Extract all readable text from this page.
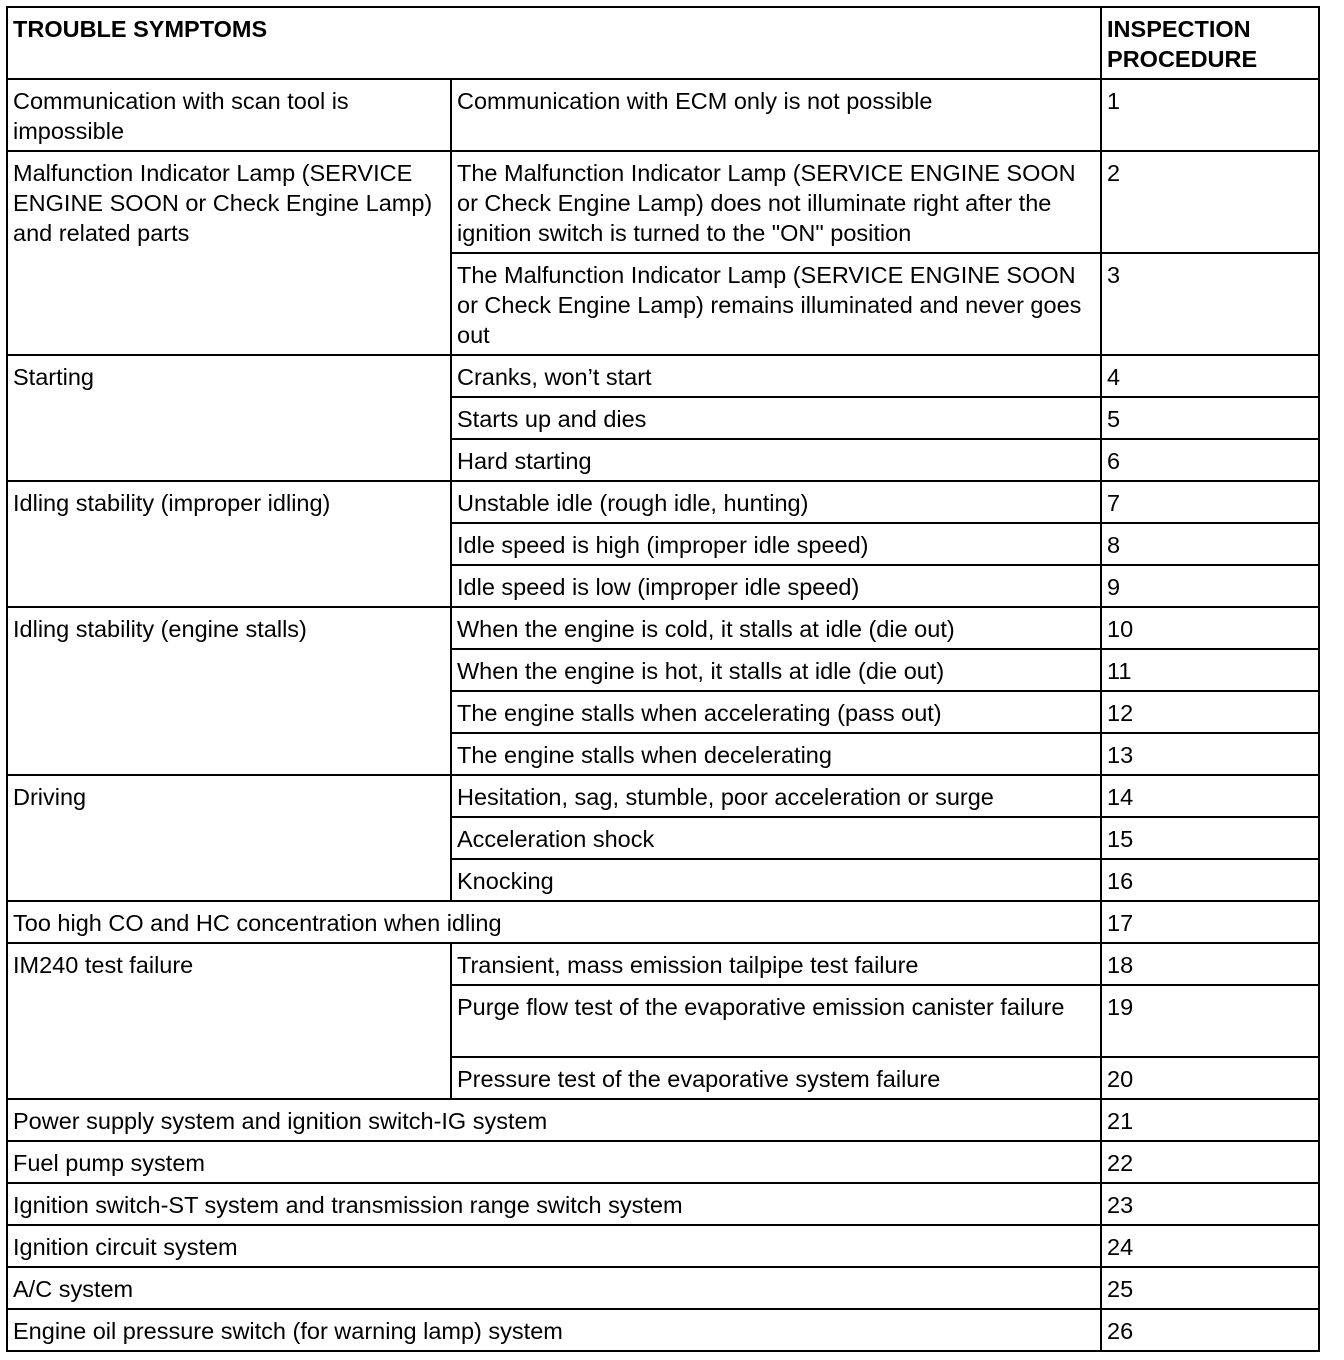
TROUBLE SYMPTOMS		INSPECTION PROCEDURE
Communication with scan tool is impossible	Communication with ECM only is not possible	1
Malfunction Indicator Lamp (SERVICE ENGINE SOON or Check Engine Lamp) and related parts	The Malfunction Indicator Lamp (SERVICE ENGINE SOON or Check Engine Lamp) does not illuminate right after the ignition switch is turned to the "ON" position	2
	The Malfunction Indicator Lamp (SERVICE ENGINE SOON or Check Engine Lamp) remains illuminated and never goes out	3
Starting	Cranks, won’t start	4
	Starts up and dies	5
	Hard starting	6
Idling stability (improper idling)	Unstable idle (rough idle, hunting)	7
	Idle speed is high (improper idle speed)	8
	Idle speed is low (improper idle speed)	9
Idling stability (engine stalls)	When the engine is cold, it stalls at idle (die out)	10
	When the engine is hot, it stalls at idle (die out)	11
	The engine stalls when accelerating (pass out)	12
	The engine stalls when decelerating	13
Driving	Hesitation, sag, stumble, poor acceleration or surge	14
	Acceleration shock	15
	Knocking	16
Too high CO and HC concentration when idling		17
IM240 test failure	Transient, mass emission tailpipe test failure	18
	Purge flow test of the evaporative emission canister failure	19
	Pressure test of the evaporative system failure	20
Power supply system and ignition switch-IG system		21
Fuel pump system		22
Ignition switch-ST system and transmission range switch system		23
Ignition circuit system		24
A/C system		25
Engine oil pressure switch (for warning lamp) system		26
